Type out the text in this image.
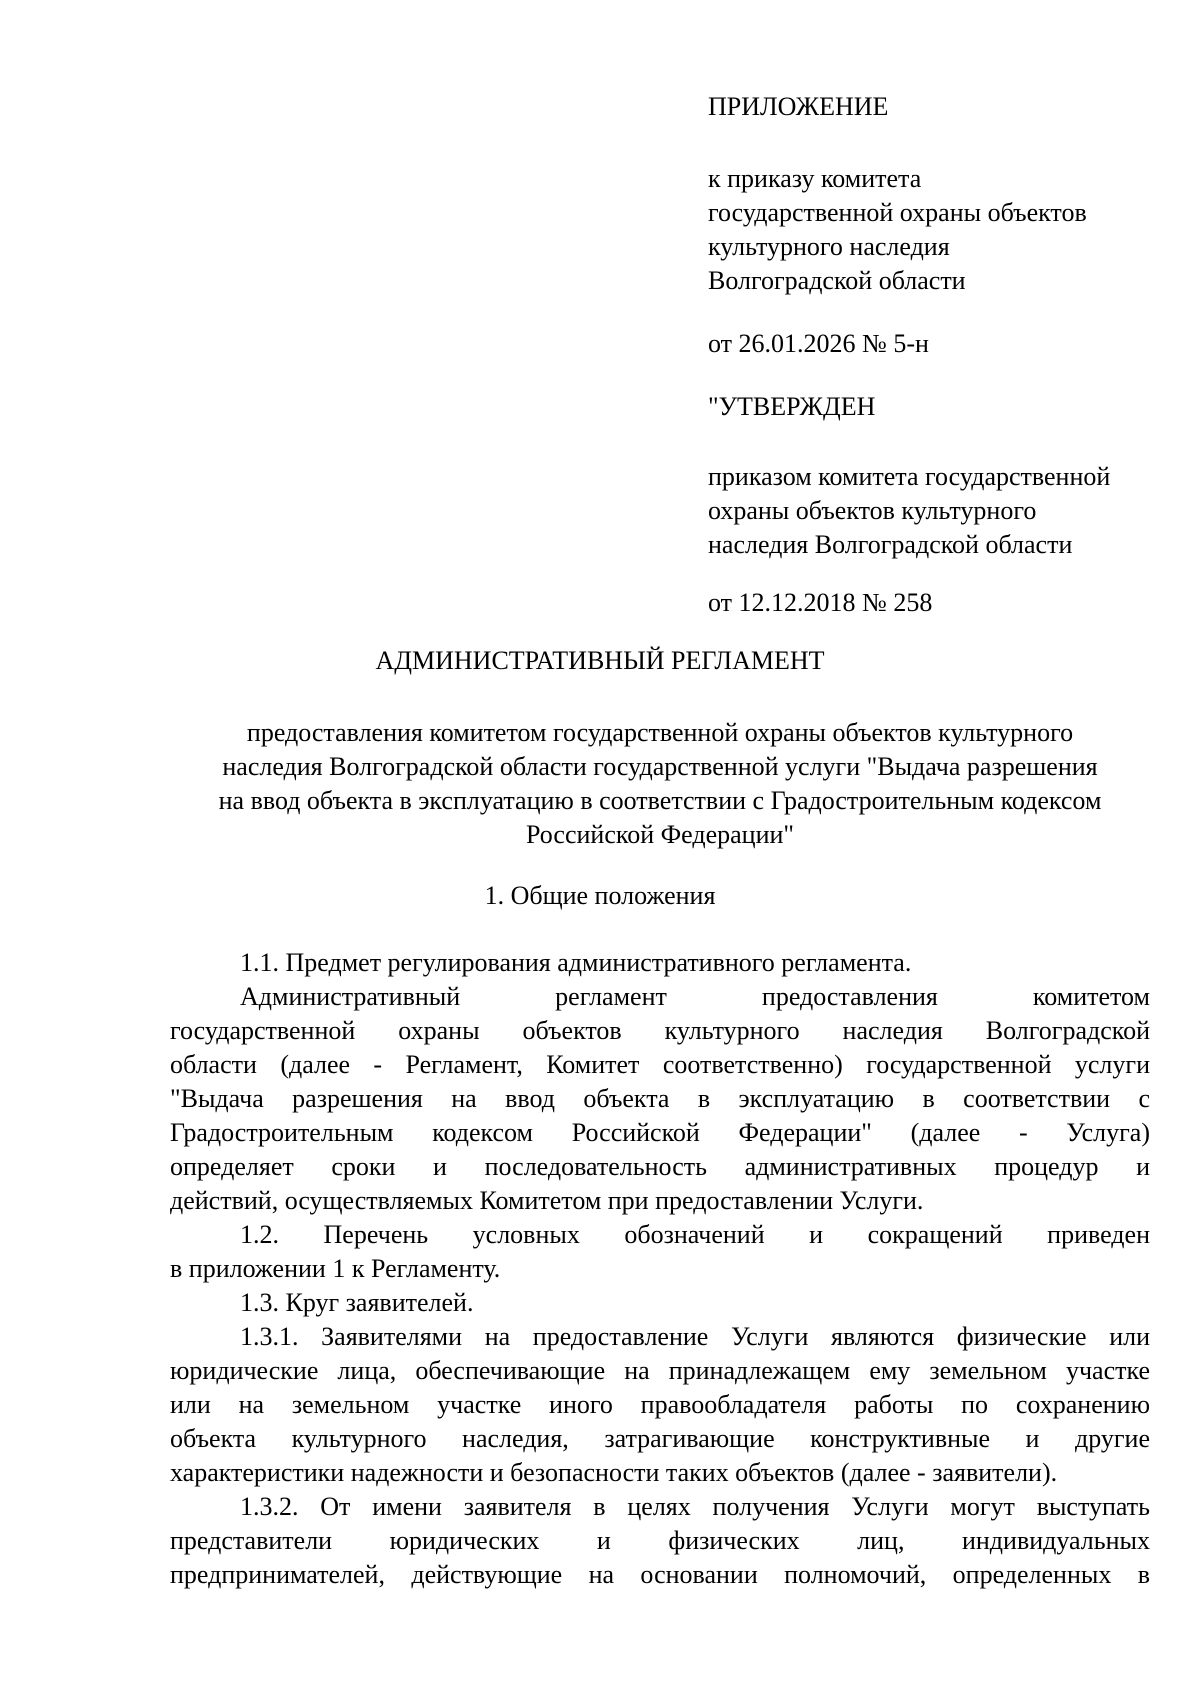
ПРИЛОЖЕНИЕ
к приказу комитета
государственной охраны объектов
культурного наследия
Волгоградской области
от 26.01.2026 № 5-н
"УТВЕРЖДЕН
приказом комитета государственной
охраны объектов культурного
наследия Волгоградской области
от 12.12.2018 № 258
АДМИНИСТРАТИВНЫЙ РЕГЛАМЕНТ
предоставления комитетом государственной охраны объектов культурного
наследия Волгоградской области государственной услуги "Выдача разрешения
на ввод объекта в эксплуатацию в соответствии с Градостроительным кодексом
Российской Федерации"
1. Общие положения
1.1. Предмет регулирования административного регламента.
Административный регламент предоставления комитетом
государственной охраны объектов культурного наследия Волгоградской
области (далее - Регламент, Комитет соответственно) государственной услуги
"Выдача разрешения на ввод объекта в эксплуатацию в соответствии с
Градостроительным кодексом Российской Федерации" (далее - Услуга)
определяет сроки и последовательность административных процедур и
действий, осуществляемых Комитетом при предоставлении Услуги.
1.2. Перечень условных обозначений и сокращений приведен
в приложении 1 к Регламенту.
1.3. Круг заявителей.
1.3.1. Заявителями на предоставление Услуги являются физические или
юридические лица, обеспечивающие на принадлежащем ему земельном участке
или на земельном участке иного правообладателя работы по сохранению
объекта культурного наследия, затрагивающие конструктивные и другие
характеристики надежности и безопасности таких объектов (далее - заявители).
1.3.2. От имени заявителя в целях получения Услуги могут выступать
представители юридических и физических лиц, индивидуальных
предпринимателей, действующие на основании полномочий, определенных в
